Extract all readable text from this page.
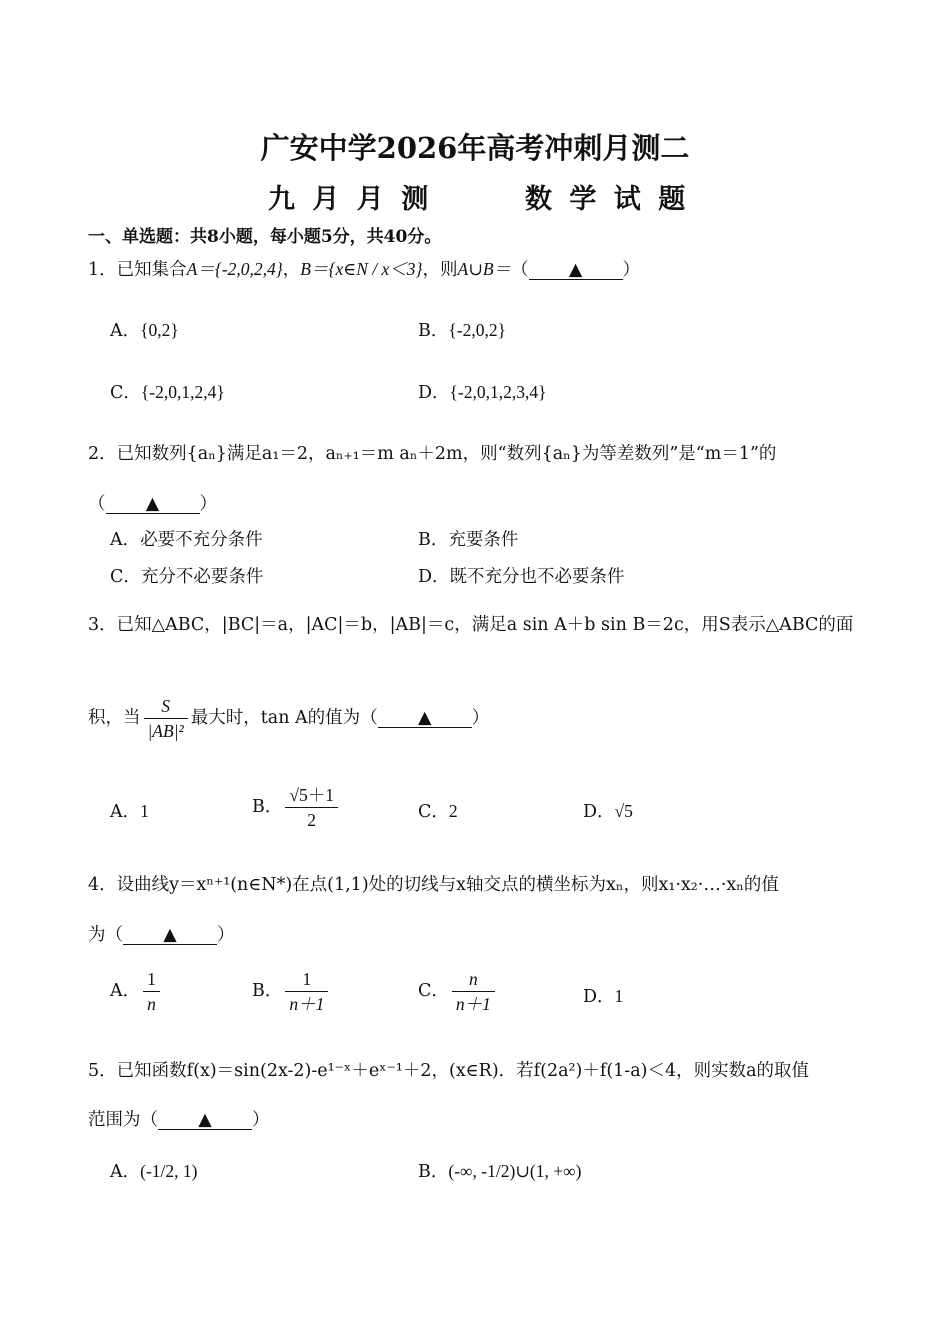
广安中学2026年高考冲刺月测二
九 月 月 测	数 学 试 题
一、单选题：共8小题，每小题5分，共40分。
1．已知集合A＝{-2,0,2,4}，B＝{x∈N / x＜3}，则A∪B＝（ ▲ ）
A．{0,2}	B．{-2,0,2}
C．{-2,0,1,2,4}	D．{-2,0,1,2,3,4}
2．已知数列{aₙ}满足a₁＝2，aₙ₊₁＝m aₙ＋2m，则“数列{aₙ}为等差数列”是“m＝1”的
（ ▲ ）
A．必要不充分条件	B．充要条件
C．充分不必要条件	D．既不充分也不必要条件
3．已知△ABC，|BC|＝a，|AC|＝b，|AB|＝c，满足a sin A＋b sin B＝2c，用S表示△ABC的面
积，当 $\frac{S}{\text{|AB|²}}$ 最大时，tan A的值为（ ▲ ）
A．1	B． $\frac{√5+1}{2}$	C．2	D．√5
4．设曲线y＝xⁿ⁺¹(n∈N*)在点(1,1)处的切线与x轴交点的横坐标为xₙ，则x₁·x₂·…·xₙ的值
为（ ▲ ）
A． $\frac{1}{n}$	B． $\frac{1}{n+1}$	C． $\frac{n}{n+1}$	D．1
5．已知函数f(x)＝sin(2x-2)-e¹⁻ˣ＋eˣ⁻¹＋2，(x∈R)．若f(2a²)＋f(1-a)＜4，则实数a的取值
范围为（ ▲ ）
A．(-1/2, 1)	B．(-∞, -1/2)∪(1, +∞)
